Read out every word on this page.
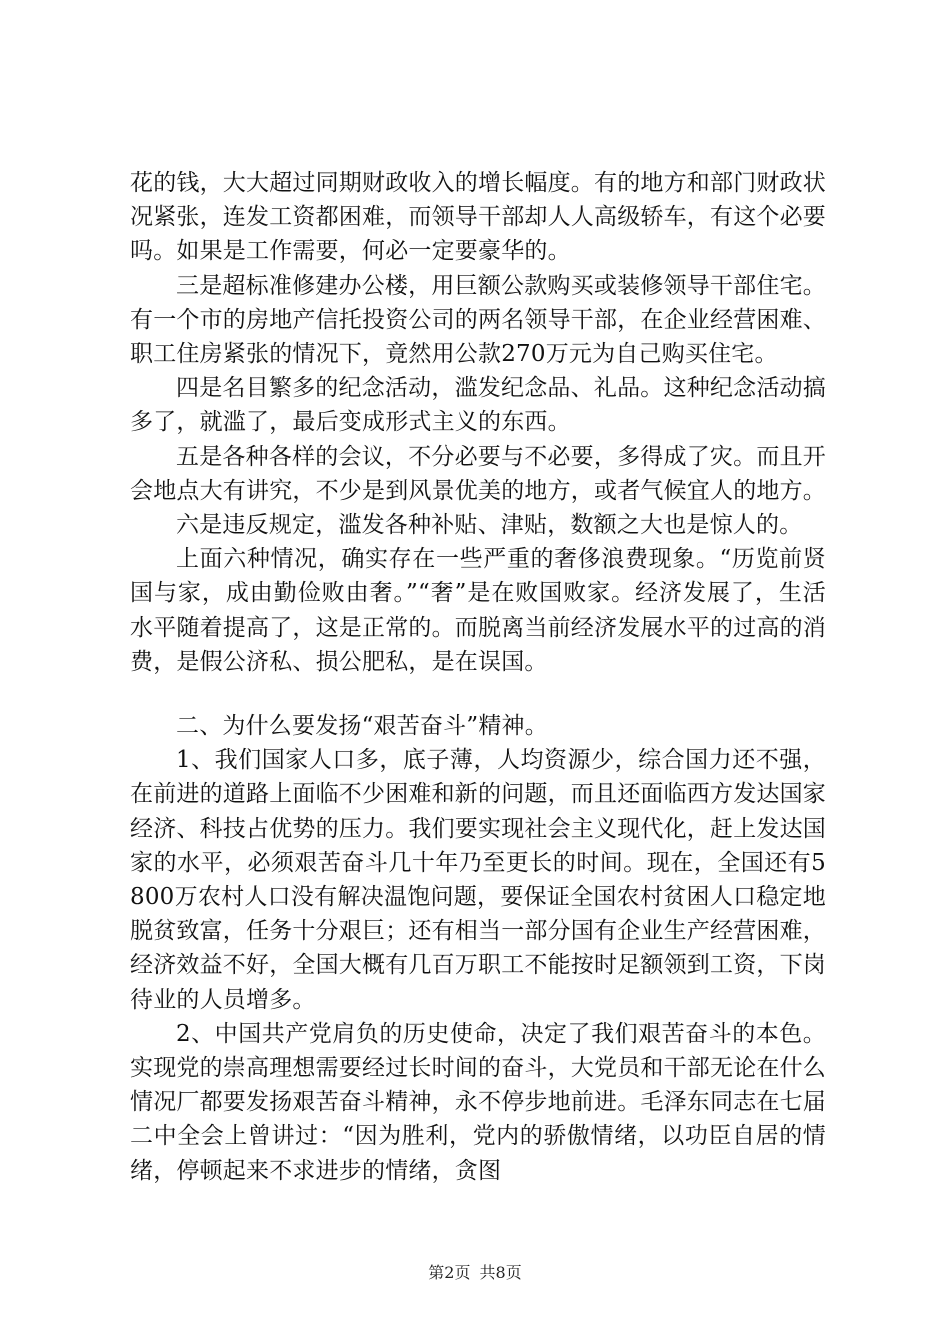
花的钱，大大超过同期财政收入的增长幅度。有的地方和部门财政状况紧张，连发工资都困难，而领导干部却人人高级轿车，有这个必要吗。如果是工作需要，何必一定要豪华的。

三是超标准修建办公楼，用巨额公款购买或装修领导干部住宅。有一个市的房地产信托投资公司的两名领导干部，在企业经营困难、职工住房紧张的情况下，竟然用公款270万元为自己购买住宅。

四是名目繁多的纪念活动，滥发纪念品、礼品。这种纪念活动搞多了，就滥了，最后变成形式主义的东西。

五是各种各样的会议，不分必要与不必要，多得成了灾。而且开会地点大有讲究，不少是到风景优美的地方，或者气候宜人的地方。

六是违反规定，滥发各种补贴、津贴，数额之大也是惊人的。

上面六种情况，确实存在一些严重的奢侈浪费现象。“历览前贤国与家，成由勤俭败由奢。”“奢”是在败国败家。经济发展了，生活水平随着提高了，这是正常的。而脱离当前经济发展水平的过高的消费，是假公济私、损公肥私，是在误国。

二、为什么要发扬“艰苦奋斗”精神。

1、我们国家人口多，底子薄，人均资源少，综合国力还不强，在前进的道路上面临不少困难和新的问题，而且还面临西方发达国家经济、科技占优势的压力。我们要实现社会主义现代化，赶上发达国家的水平，必须艰苦奋斗几十年乃至更长的时间。现在，全国还有5800万农村人口没有解决温饱问题，要保证全国农村贫困人口稳定地脱贫致富，任务十分艰巨；还有相当一部分国有企业生产经营困难，经济效益不好，全国大概有几百万职工不能按时足额领到工资，下岗待业的人员增多。

2、中国共产党肩负的历史使命，决定了我们艰苦奋斗的本色。实现党的崇高理想需要经过长时间的奋斗，大党员和干部无论在什么情况厂都要发扬艰苦奋斗精神，永不停步地前进。毛泽东同志在七届二中全会上曾讲过：“因为胜利，党内的骄傲情绪，以功臣自居的情绪，停顿起来不求进步的情绪，贪图

第2页 共8页
